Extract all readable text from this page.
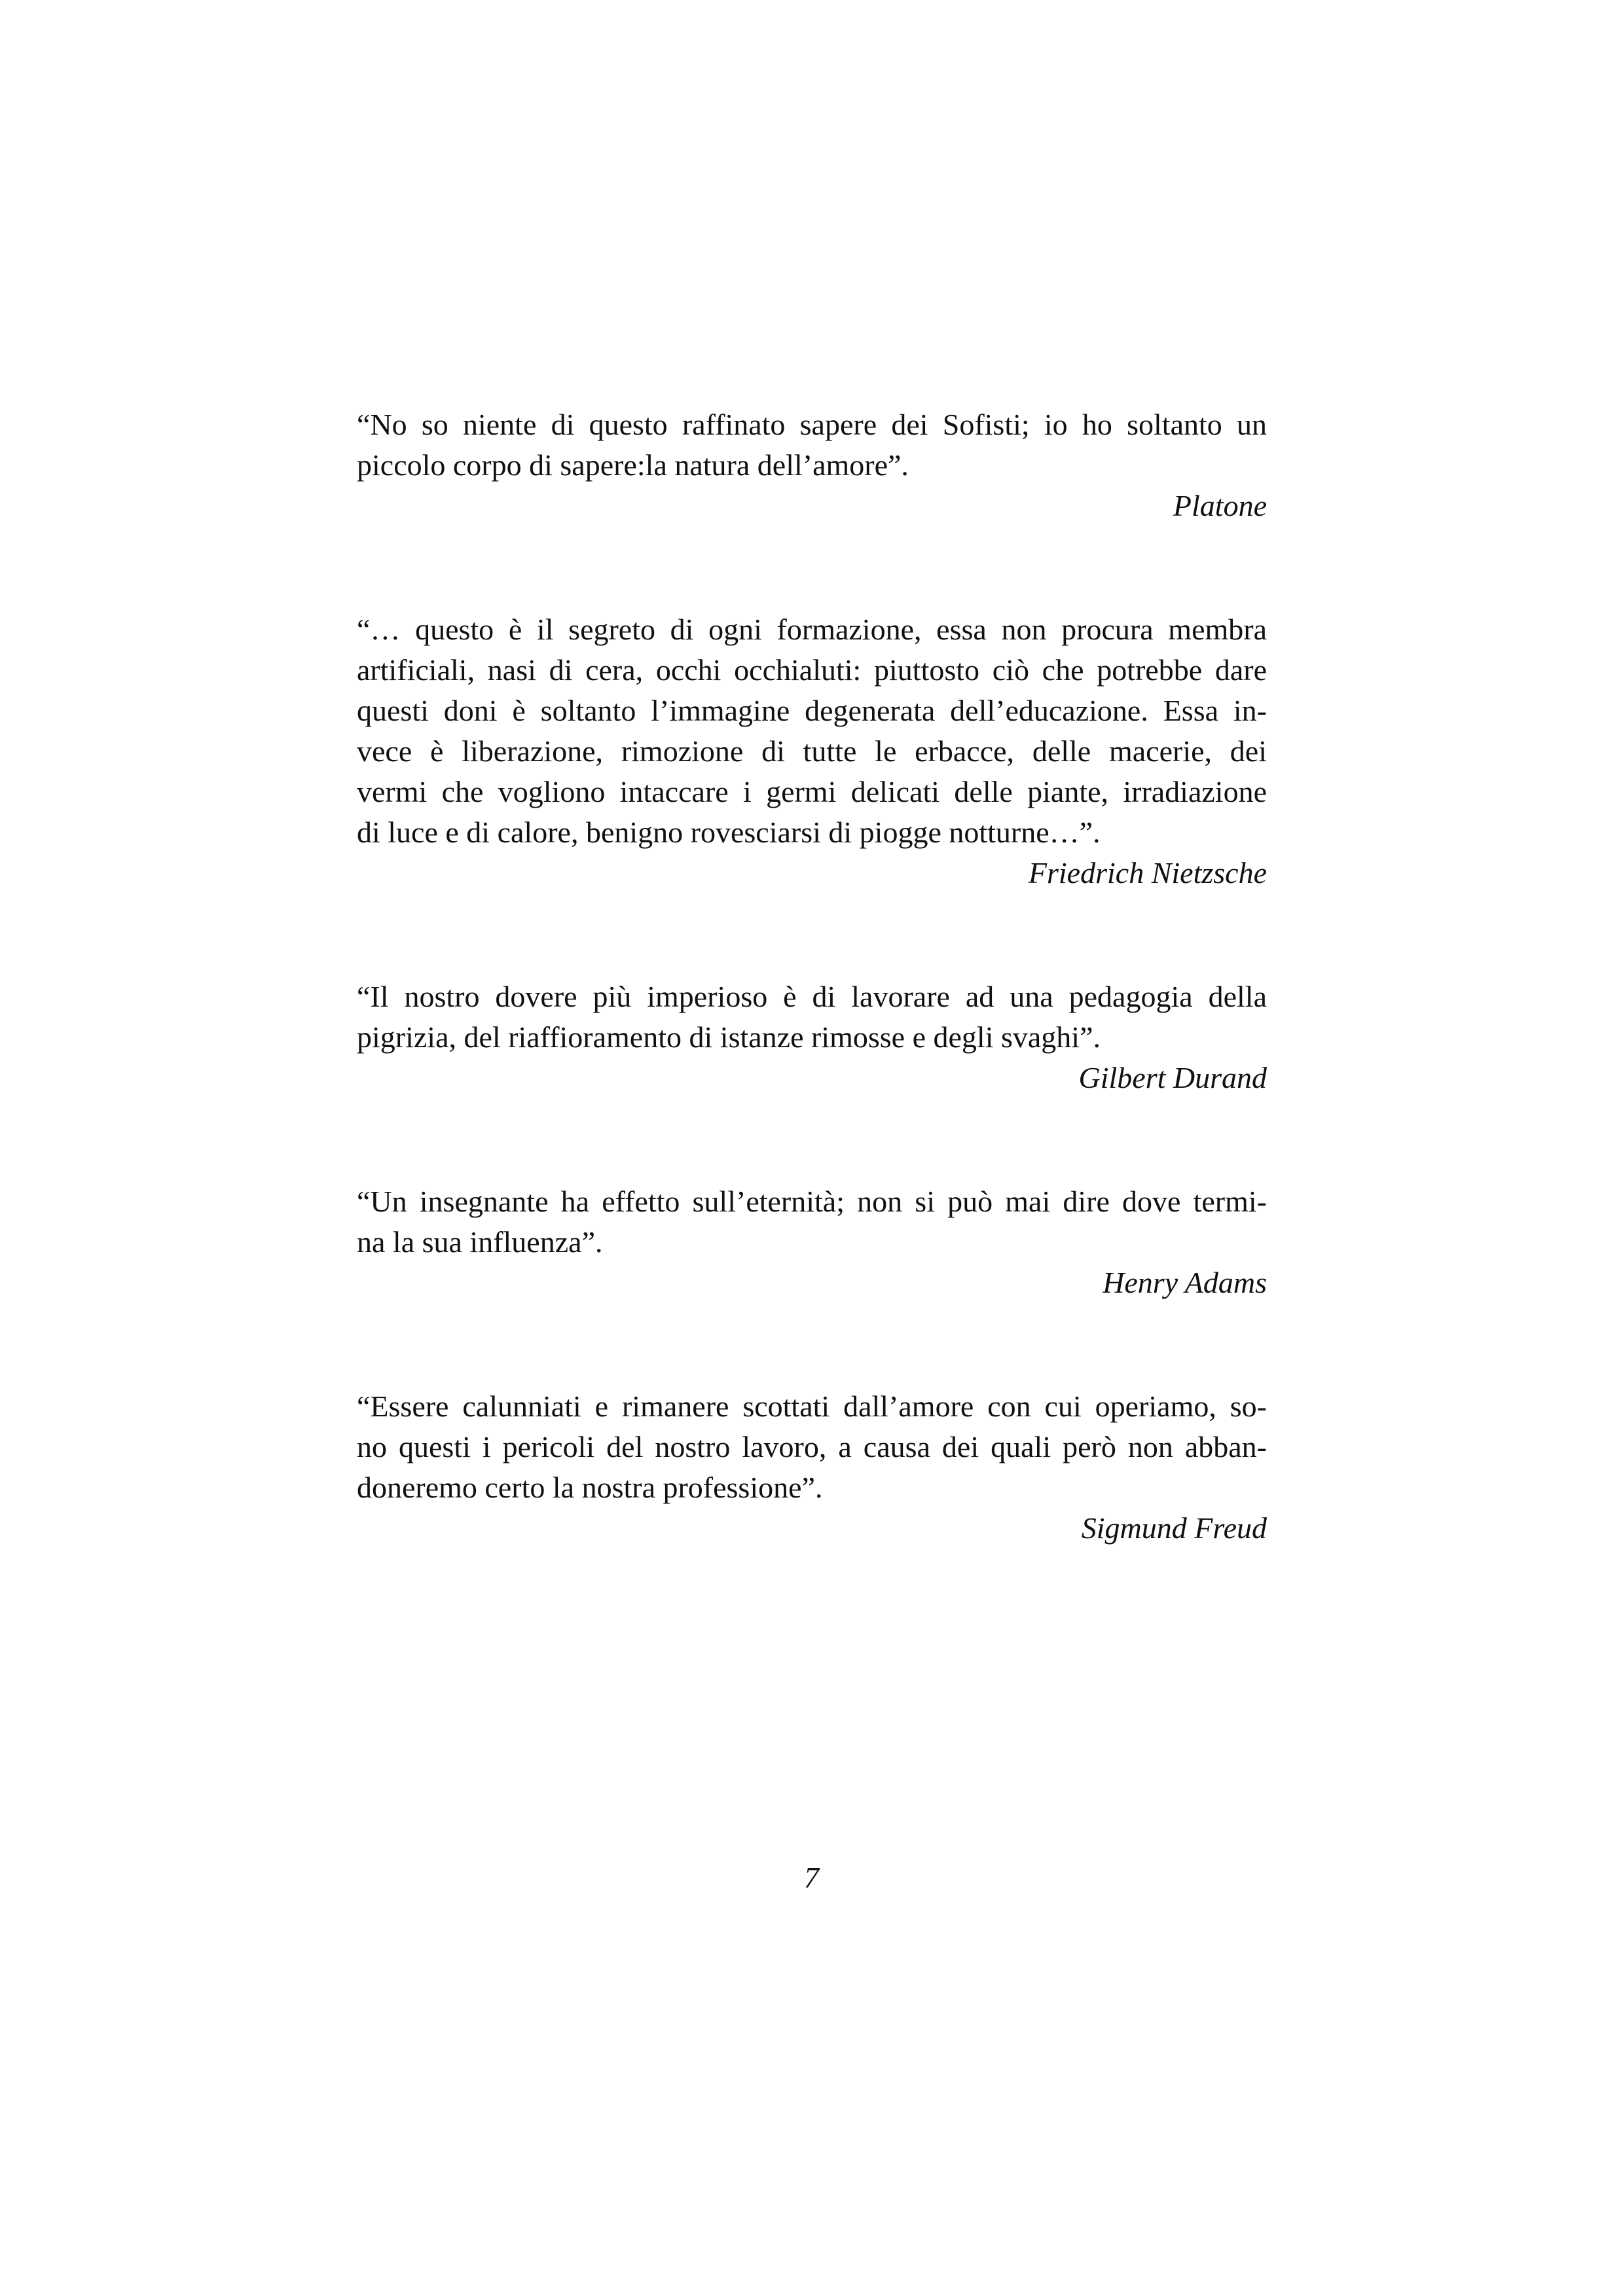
“No so niente di questo raffinato sapere dei Sofisti; io ho soltanto un
piccolo corpo di sapere:la natura dell’amore”.

Platone

“… questo è il segreto di ogni formazione, essa non procura membra
artificiali, nasi di cera, occhi occhialuti: piuttosto ciò che potrebbe dare
questi doni è soltanto l’immagine degenerata dell’educazione. Essa in-
vece è liberazione, rimozione di tutte le erbacce, delle macerie, dei
vermi che vogliono intaccare i germi delicati delle piante, irradiazione
di luce e di calore, benigno rovesciarsi di piogge notturne…”.

Friedrich Nietzsche

“Il nostro dovere più imperioso è di lavorare ad una pedagogia della
pigrizia, del riaffioramento di istanze rimosse e degli svaghi”.

Gilbert Durand

“Un insegnante ha effetto sull’eternità; non si può mai dire dove termi-
na la sua influenza”.

Henry Adams

“Essere calunniati e rimanere scottati dall’amore con cui operiamo, so-
no questi i pericoli del nostro lavoro, a causa dei quali però non abban-
doneremo certo la nostra professione”.

Sigmund Freud

7
